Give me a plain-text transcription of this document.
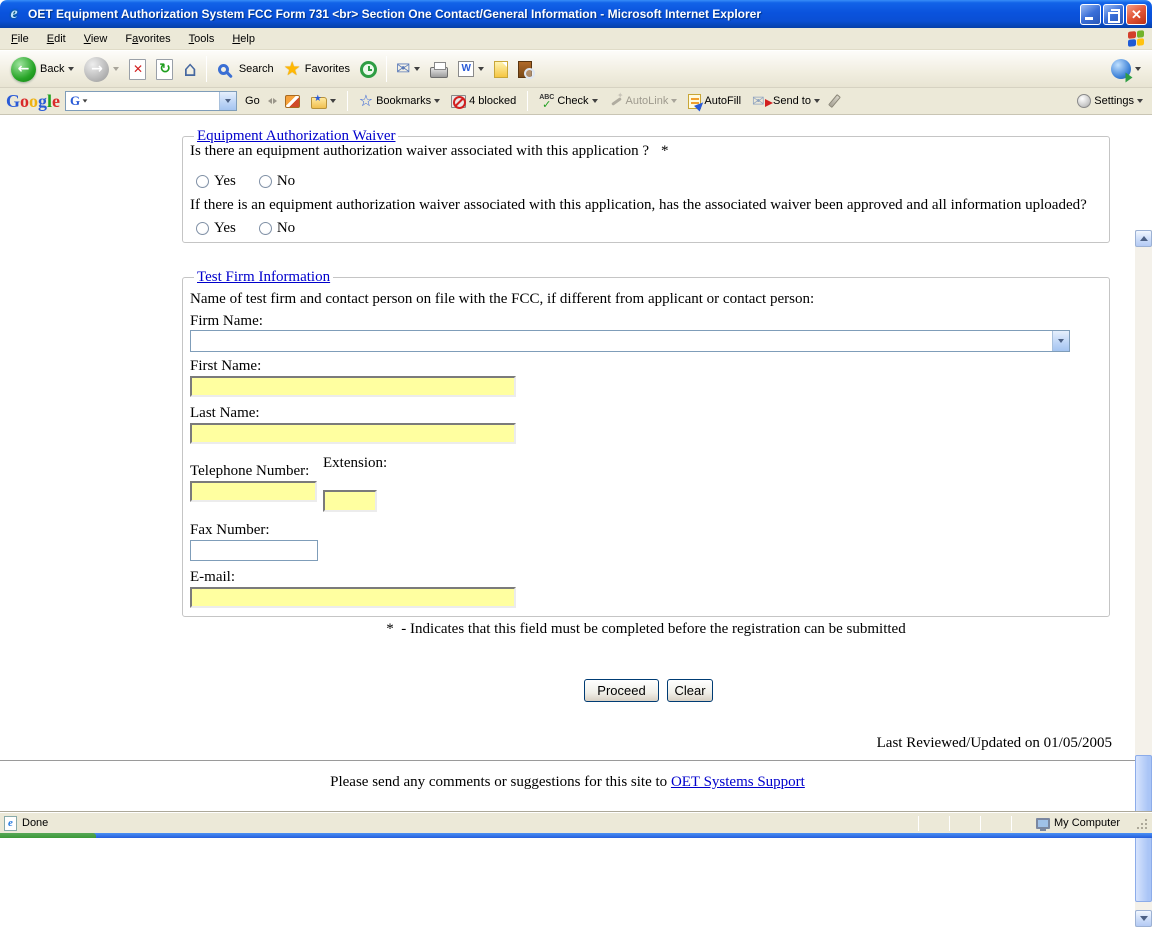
e OET Equipment Authorization System FCC Form 731 <br> Section One Contact/General Information - Microsoft Internet Explorer
✕
File	Edit	View	Favorites	Tools	Help
← Back	→	✕ ↻ ⌂	Search ★ Favorites	✉	W
Google G	Go ★	☆ Bookmarks	4 blocked	ABC
✓ Check ✦	AutoLink	AutoFill ✉ Send to	Settings
Equipment Authorization Waiver
Is there an equipment authorization waiver associated with this application ? *
Yes	No
If there is an equipment authorization waiver associated with this application, has the associated waiver been approved and all information uploaded?
Yes	No
Test Firm Information
Name of test firm and contact person on file with the FCC, if different from applicant or contact person:
Firm Name:
First Name:
Last Name:
Extension:
Telephone Number:
Fax Number:
E-mail:
* - Indicates that this field must be completed before the registration can be submitted
Proceed	Clear
Last Reviewed/Updated on 01/05/2005
Please send any comments or suggestions for this site to OET Systems Support
e Done	My Computer
